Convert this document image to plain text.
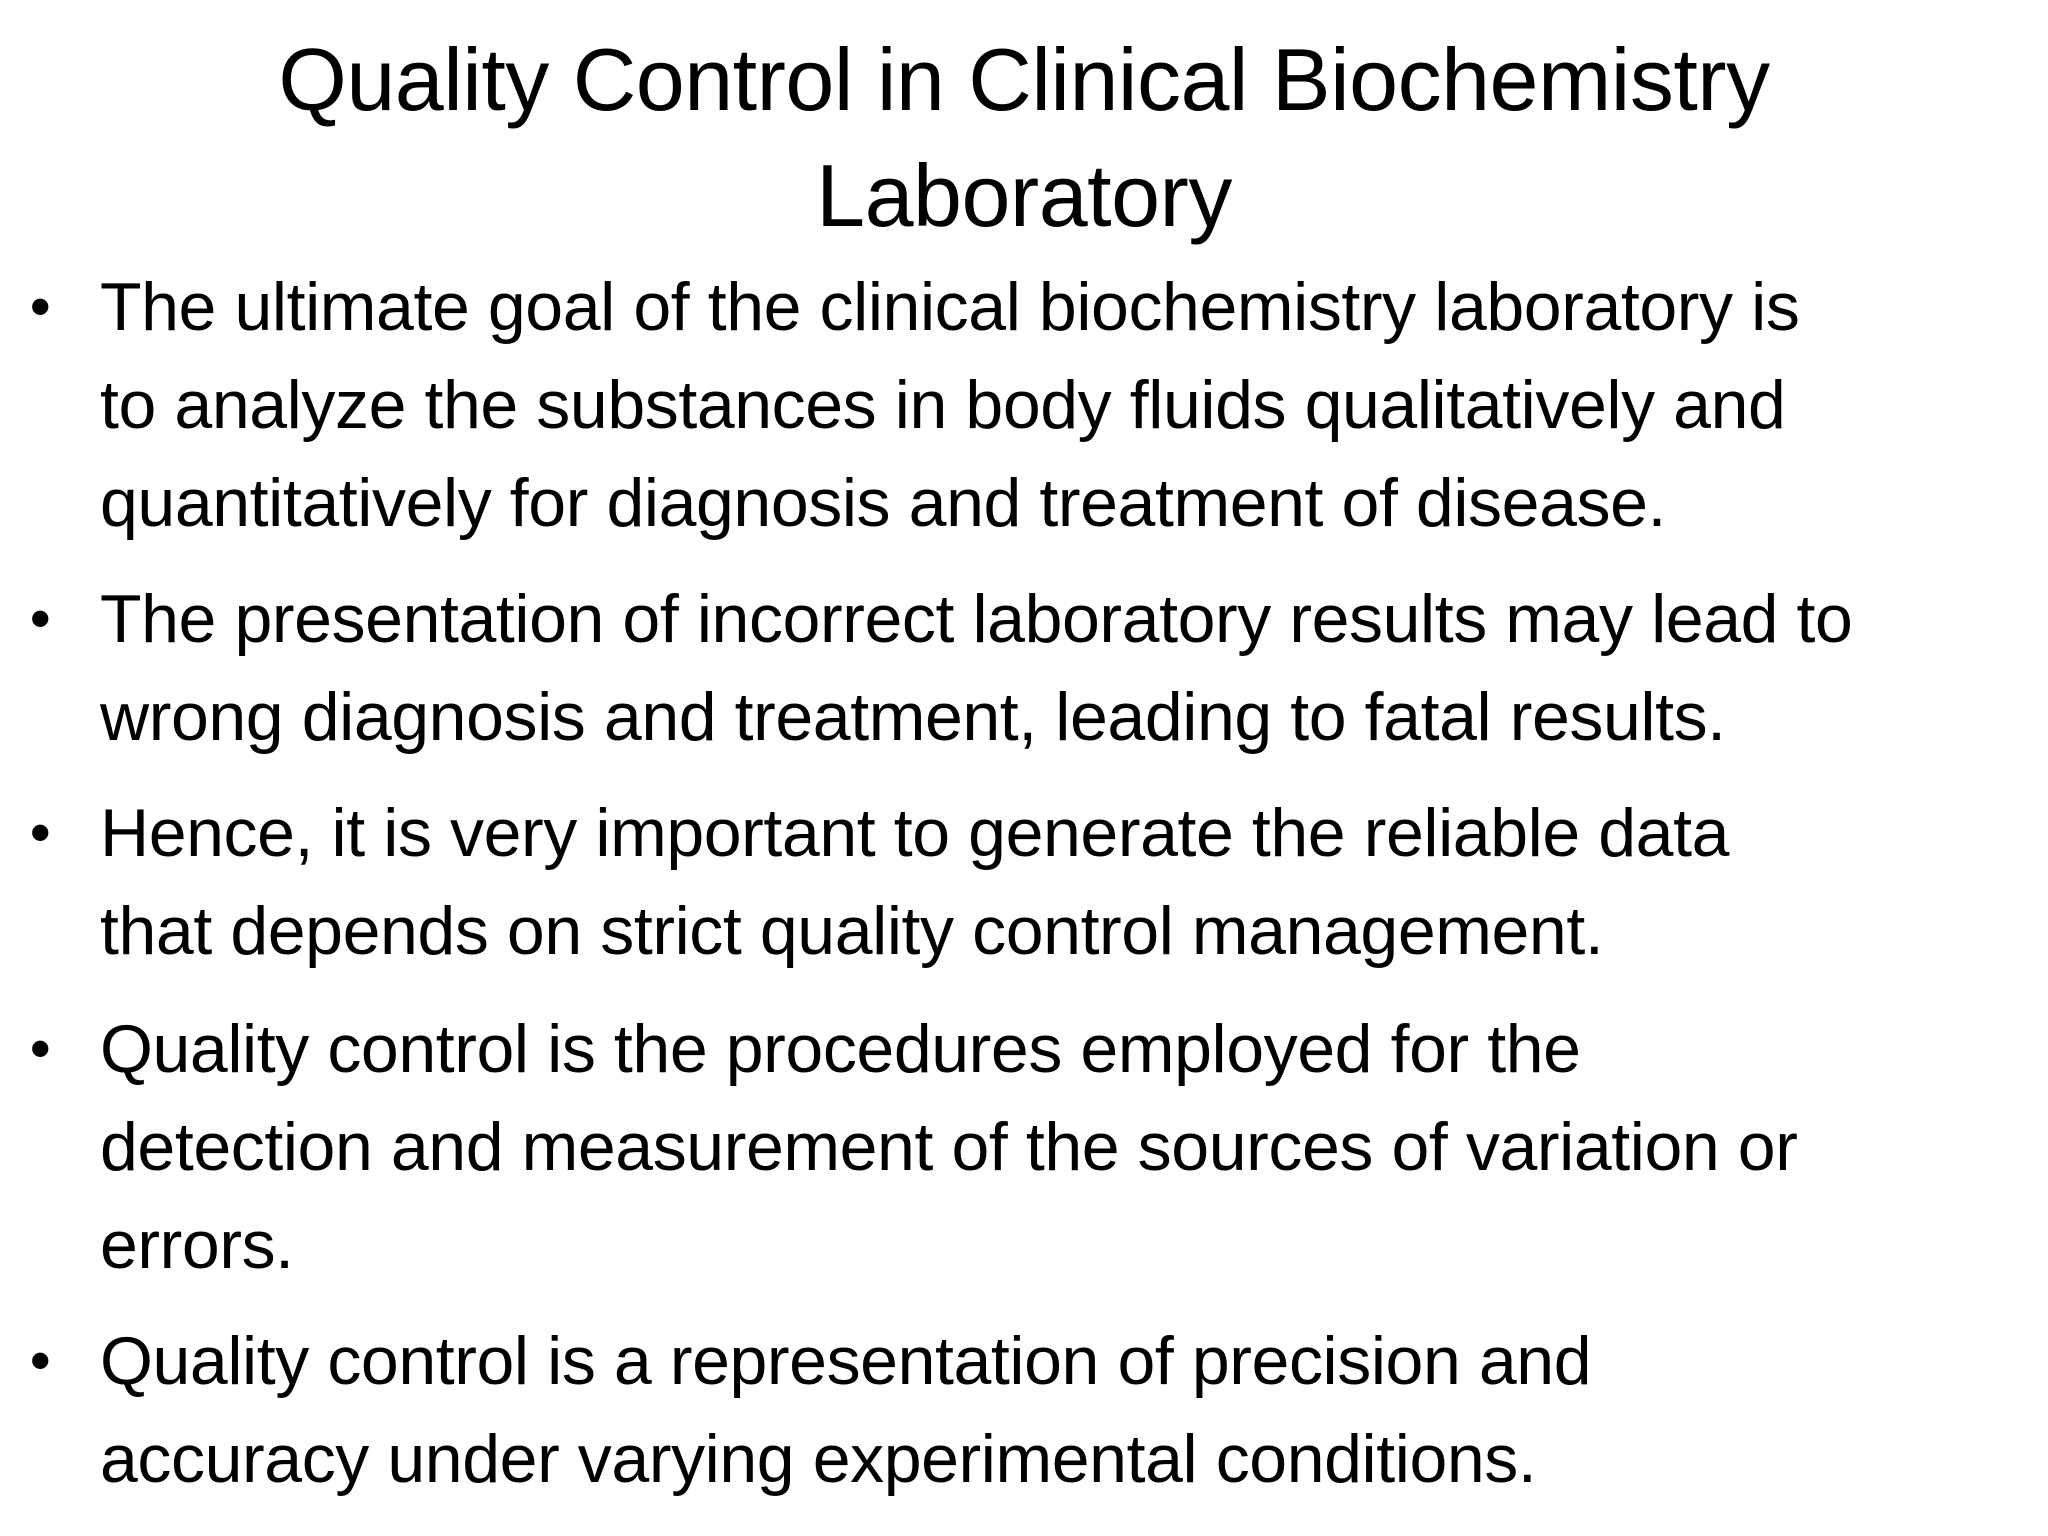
Quality Control in Clinical Biochemistry
Laboratory
• The ultimate goal of the clinical biochemistry laboratory is
to analyze the substances in body fluids qualitatively and
quantitatively for diagnosis and treatment of disease.
• The presentation of incorrect laboratory results may lead to
wrong diagnosis and treatment, leading to fatal results.
• Hence, it is very important to generate the reliable data
that depends on strict quality control management.
• Quality control is the procedures employed for the
detection and measurement of the sources of variation or
errors.
• Quality control is a representation of precision and
accuracy under varying experimental conditions.
